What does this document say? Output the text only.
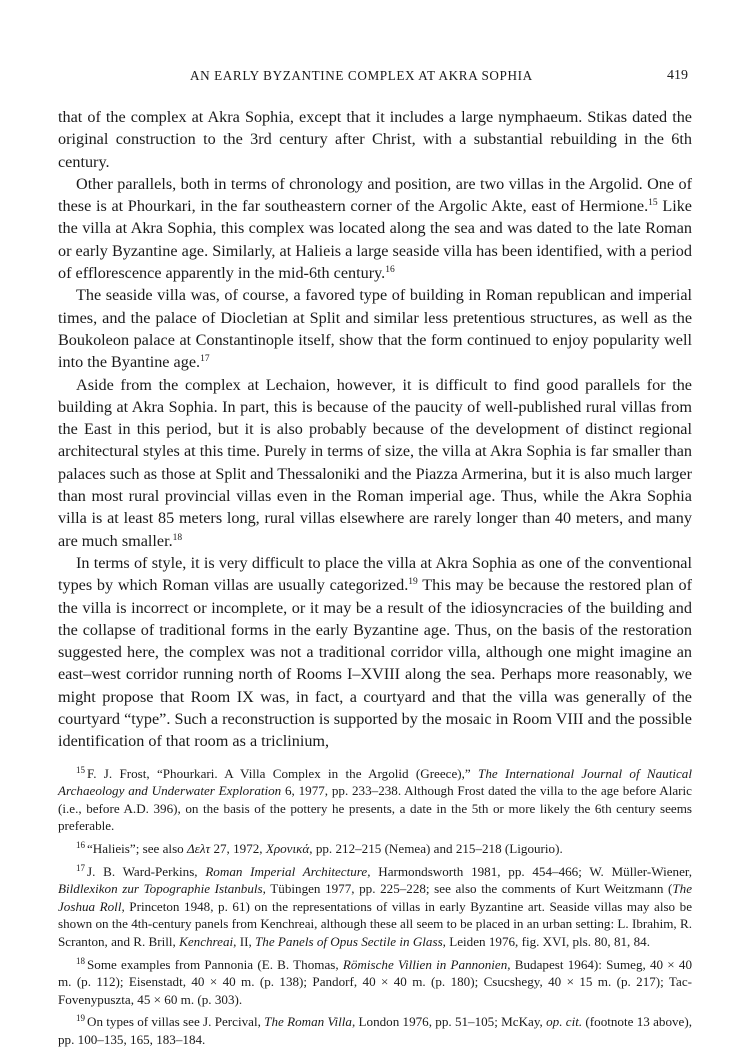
AN EARLY BYZANTINE COMPLEX AT AKRA SOPHIA	419

that of the complex at Akra Sophia, except that it includes a large nymphaeum. Stikas dated the original construction to the 3rd century after Christ, with a substantial rebuilding in the 6th century.

Other parallels, both in terms of chronology and position, are two villas in the Argolid. One of these is at Phourkari, in the far southeastern corner of the Argolic Akte, east of Hermione.$^{15}$ Like the villa at Akra Sophia, this complex was located along the sea and was dated to the late Roman or early Byzantine age. Similarly, at Halieis a large seaside villa has been identified, with a period of efflorescence apparently in the mid-6th century.$^{16}$

The seaside villa was, of course, a favored type of building in Roman republican and imperial times, and the palace of Diocletian at Split and similar less pretentious structures, as well as the Boukoleon palace at Constantinople itself, show that the form continued to enjoy popularity well into the Byantine age.$^{17}$

Aside from the complex at Lechaion, however, it is difficult to find good parallels for the building at Akra Sophia. In part, this is because of the paucity of well-published rural villas from the East in this period, but it is also probably because of the development of distinct regional architectural styles at this time. Purely in terms of size, the villa at Akra Sophia is far smaller than palaces such as those at Split and Thessaloniki and the Piazza Armerina, but it is also much larger than most rural provincial villas even in the Roman imperial age. Thus, while the Akra Sophia villa is at least 85 meters long, rural villas elsewhere are rarely longer than 40 meters, and many are much smaller.$^{18}$

In terms of style, it is very difficult to place the villa at Akra Sophia as one of the conventional types by which Roman villas are usually categorized.$^{19}$ This may be because the restored plan of the villa is incorrect or incomplete, or it may be a result of the idiosyncracies of the building and the collapse of traditional forms in the early Byzantine age. Thus, on the basis of the restoration suggested here, the complex was not a traditional corridor villa, although one might imagine an east–west corridor running north of Rooms I–XVIII along the sea. Perhaps more reasonably, we might propose that Room IX was, in fact, a courtyard and that the villa was generally of the courtyard “type”. Such a reconstruction is supported by the mosaic in Room VIII and the possible identification of that room as a triclinium,

$^{15}$ F. J. Frost, “Phourkari. A Villa Complex in the Argolid (Greece),” The International Journal of Nautical Archaeology and Underwater Exploration 6, 1977, pp. 233–238. Although Frost dated the villa to the age before Alaric (i.e., before A.D. 396), on the basis of the pottery he presents, a date in the 5th or more likely the 6th century seems preferable.

$^{16}$ “Halieis”; see also Δελτ 27, 1972, Χρονικά, pp. 212–215 (Nemea) and 215–218 (Ligourio).

$^{17}$ J. B. Ward-Perkins, Roman Imperial Architecture, Harmondsworth 1981, pp. 454–466; W. Müller-Wiener, Bildlexikon zur Topographie Istanbuls, Tübingen 1977, pp. 225–228; see also the comments of Kurt Weitzmann (The Joshua Roll, Princeton 1948, p. 61) on the representations of villas in early Byzantine art. Seaside villas may also be shown on the 4th-century panels from Kenchreai, although these all seem to be placed in an urban setting: L. Ibrahim, R. Scranton, and R. Brill, Kenchreai, II, The Panels of Opus Sectile in Glass, Leiden 1976, fig. XVI, pls. 80, 81, 84.

$^{18}$ Some examples from Pannonia (E. B. Thomas, Römische Villien in Pannonien, Budapest 1964): Sumeg, 40 × 40 m. (p. 112); Eisenstadt, 40 × 40 m. (p. 138); Pandorf, 40 × 40 m. (p. 180); Csucshegy, 40 × 15 m. (p. 217); Tac-Fovenypuszta, 45 × 60 m. (p. 303).

$^{19}$ On types of villas see J. Percival, The Roman Villa, London 1976, pp. 51–105; McKay, op. cit. (footnote 13 above), pp. 100–135, 165, 183–184.
